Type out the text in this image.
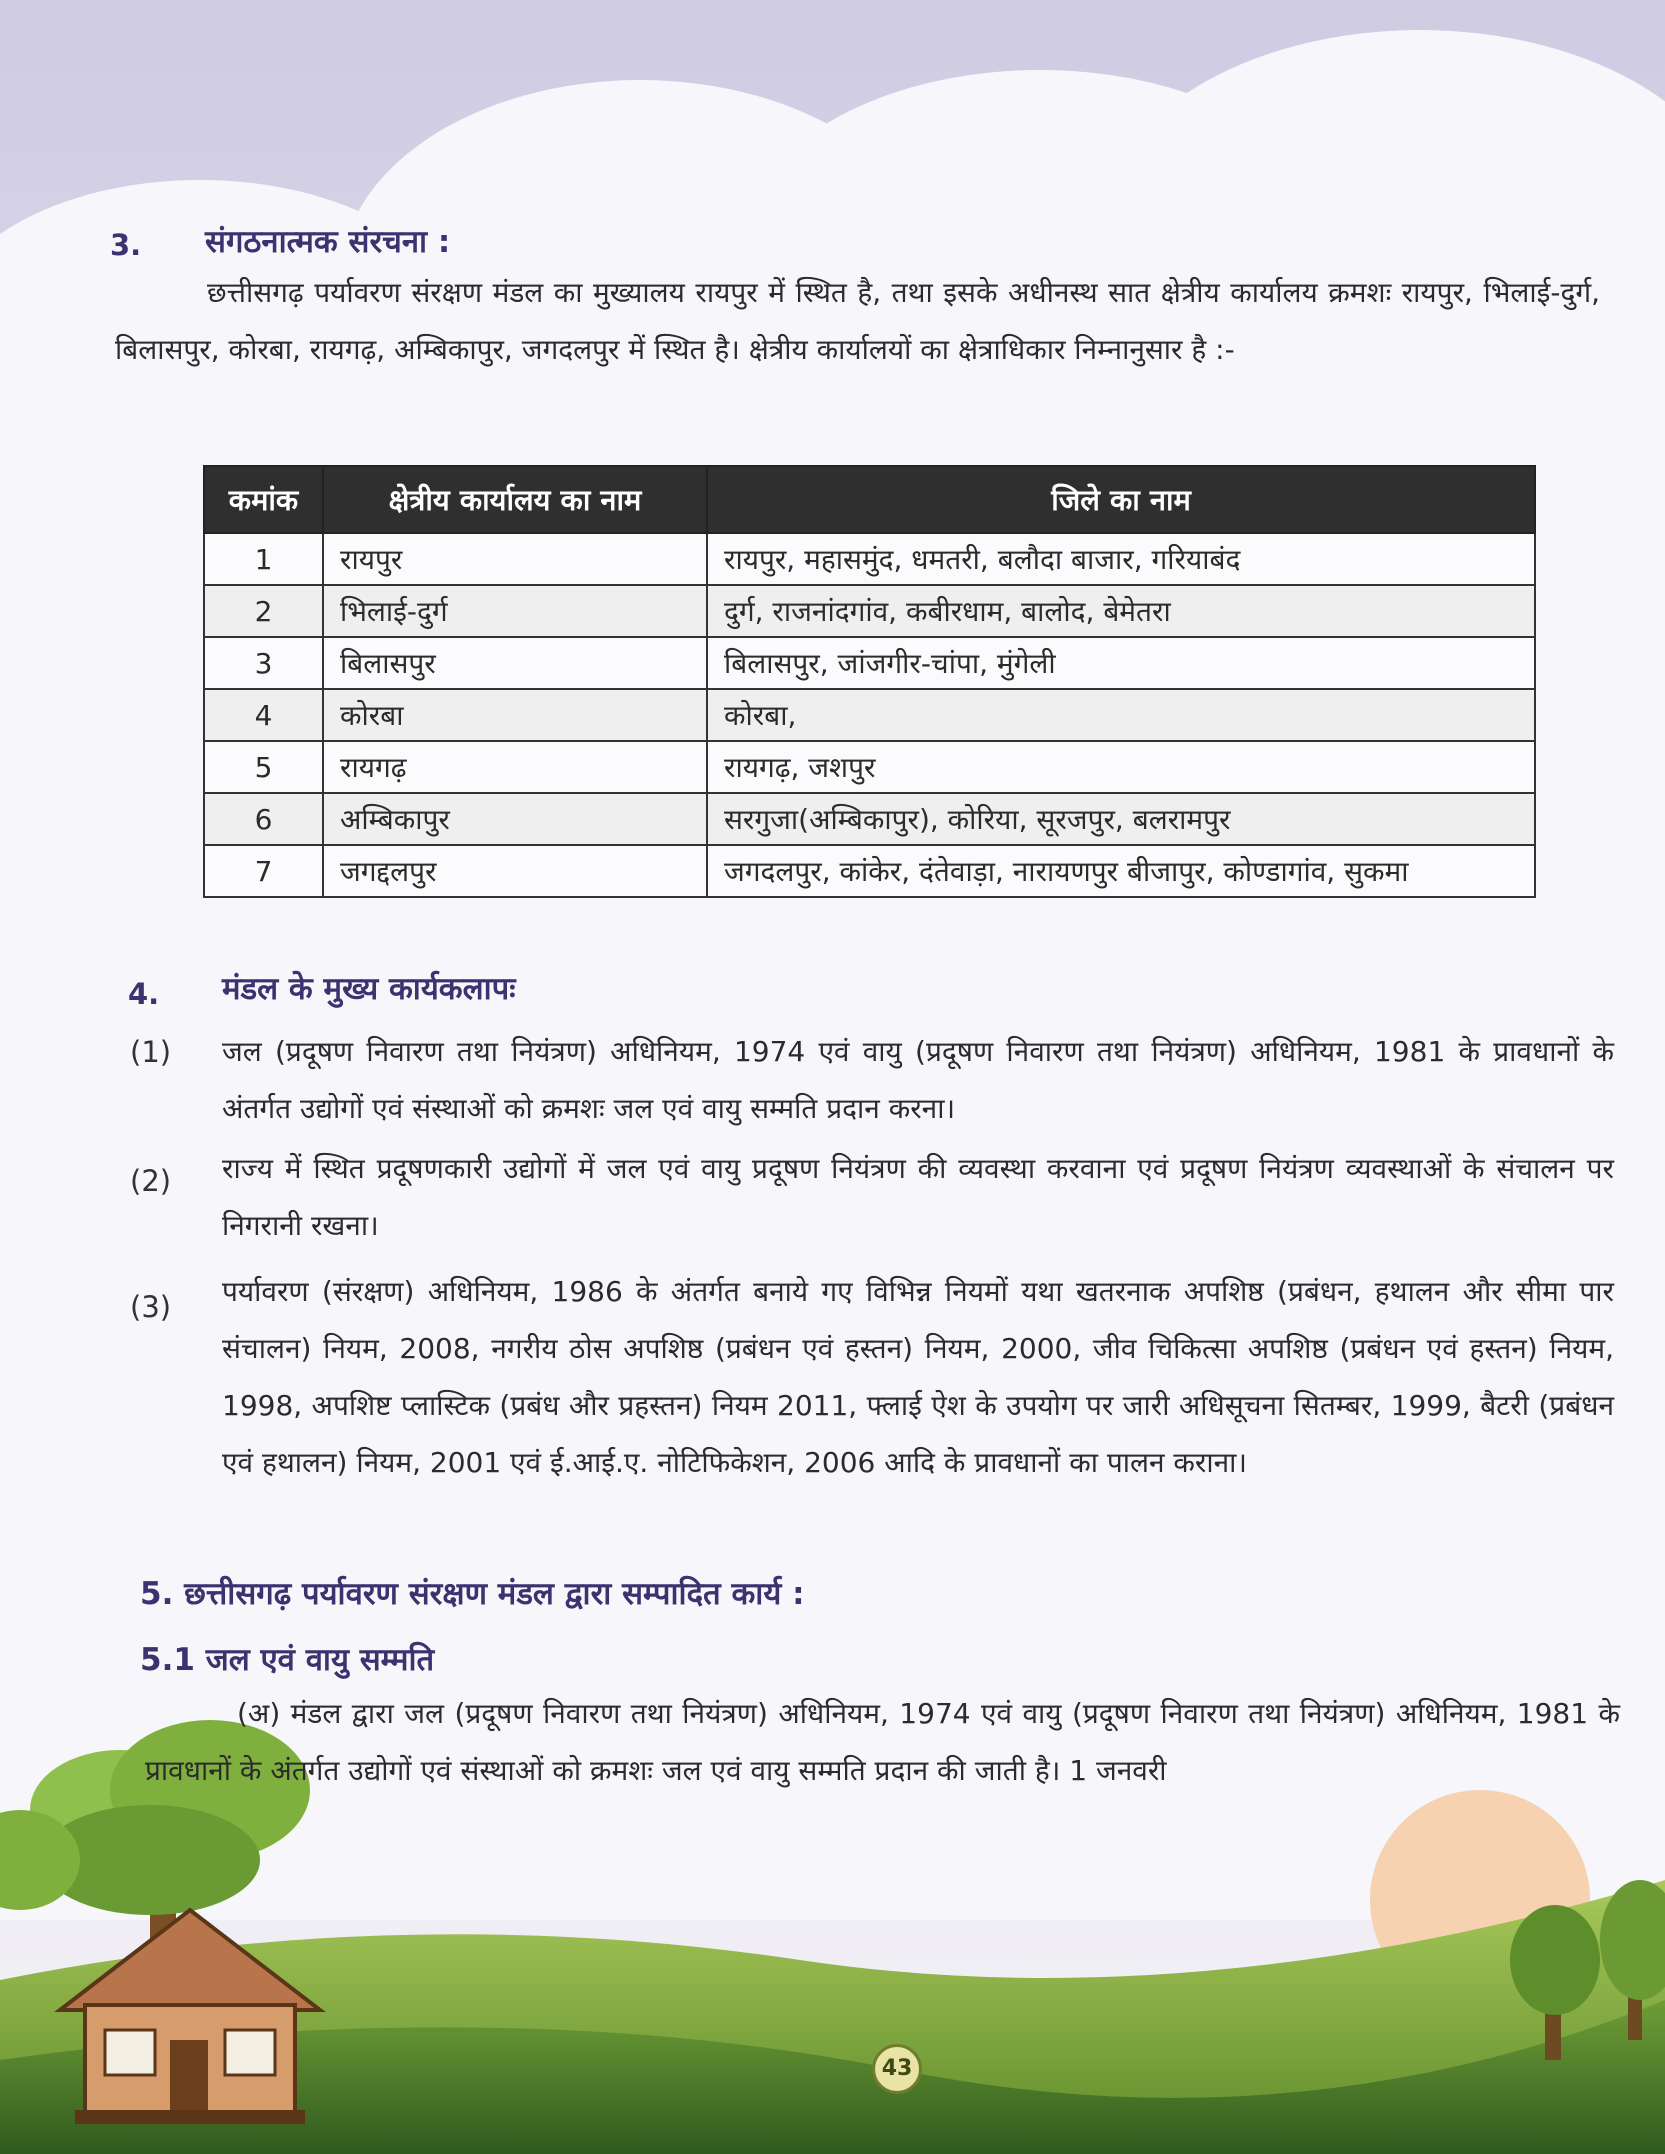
3. संगठनात्मक संरचना :
छत्तीसगढ़ पर्यावरण संरक्षण मंडल का मुख्यालय रायपुर में स्थित है, तथा इसके अधीनस्थ सात क्षेत्रीय कार्यालय क्रमशः रायपुर, भिलाई-दुर्ग, बिलासपुर, कोरबा, रायगढ़, अम्बिकापुर, जगदलपुर में स्थित है। क्षेत्रीय कार्यालयों का क्षेत्राधिकार निम्नानुसार है :-
कमांक	क्षेत्रीय कार्यालय का नाम	जिले का नाम
1	रायपुर	रायपुर, महासमुंद, धमतरी, बलौदा बाजार, गरियाबंद
2	भिलाई-दुर्ग	दुर्ग, राजनांदगांव, कबीरधाम, बालोद, बेमेतरा
3	बिलासपुर	बिलासपुर, जांजगीर-चांपा, मुंगेली
4	कोरबा	कोरबा,
5	रायगढ़	रायगढ़, जशपुर
6	अम्बिकापुर	सरगुजा(अम्बिकापुर), कोरिया, सूरजपुर, बलरामपुर
7	जगद्दलपुर	जगदलपुर, कांकेर, दंतेवाड़ा, नारायणपुर बीजापुर, कोण्डागांव, सुकमा
4. मंडल के मुख्य कार्यकलापः
(1) जल (प्रदूषण निवारण तथा नियंत्रण) अधिनियम, 1974 एवं वायु (प्रदूषण निवारण तथा नियंत्रण) अधिनियम, 1981 के प्रावधानों के अंतर्गत उद्योगों एवं संस्थाओं को क्रमशः जल एवं वायु सम्मति प्रदान करना।
(2) राज्य में स्थित प्रदूषणकारी उद्योगों में जल एवं वायु प्रदूषण नियंत्रण की व्यवस्था करवाना एवं प्रदूषण नियंत्रण व्यवस्थाओं के संचालन पर निगरानी रखना।
(3) पर्यावरण (संरक्षण) अधिनियम, 1986 के अंतर्गत बनाये गए विभिन्न नियमों यथा खतरनाक अपशिष्ठ (प्रबंधन, हथालन और सीमा पार संचालन) नियम, 2008, नगरीय ठोस अपशिष्ठ (प्रबंधन एवं हस्तन) नियम, 2000, जीव चिकित्सा अपशिष्ठ (प्रबंधन एवं हस्तन) नियम, 1998, अपशिष्ट प्लास्टिक (प्रबंध और प्रहस्तन) नियम 2011, फ्लाई ऐश के उपयोग पर जारी अधिसूचना सितम्बर, 1999, बैटरी (प्रबंधन एवं हथालन) नियम, 2001 एवं ई.आई.ए. नोटिफिकेशन, 2006 आदि के प्रावधानों का पालन कराना।
5. छत्तीसगढ़ पर्यावरण संरक्षण मंडल द्वारा सम्पादित कार्य :
5.1 जल एवं वायु सम्मति
(अ) मंडल द्वारा जल (प्रदूषण निवारण तथा नियंत्रण) अधिनियम, 1974 एवं वायु (प्रदूषण निवारण तथा नियंत्रण) अधिनियम, 1981 के प्रावधानों के अंतर्गत उद्योगों एवं संस्थाओं को क्रमशः जल एवं वायु सम्मति प्रदान की जाती है। 1 जनवरी
43
